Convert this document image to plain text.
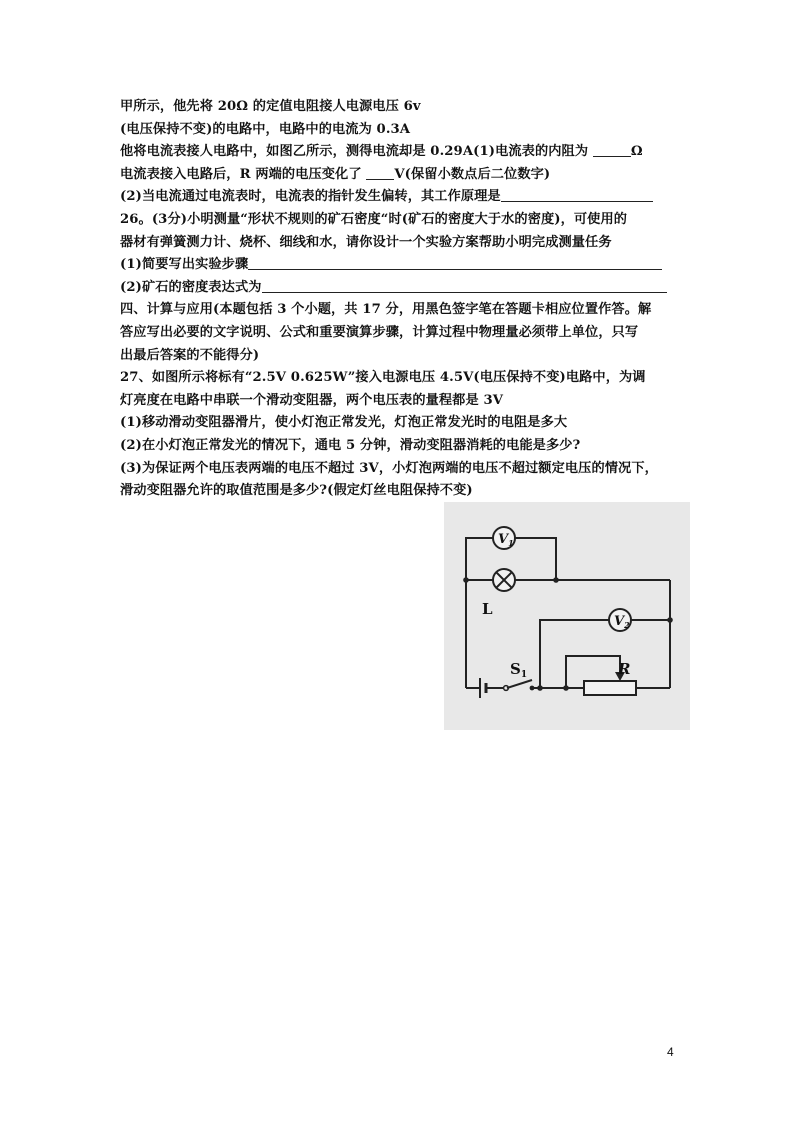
甲所示，他先将 20Ω 的定值电阻接人电源电压 6v
(电压保持不变)的电路中，电路中的电流为 0.3A
他将电流表接人电路中，如图乙所示，测得电流却是 0.29A(1)电流表的内阻为	Ω
电流表接入电路后，R 两端的电压变化了 V(保留小数点后二位数字)
(2)当电流通过电流表时，电流表的指针发生偏转，其工作原理是
26。(3分)小明测量“形状不规则的矿石密度“时(矿石的密度大于水的密度)，可使用的
器材有弹簧测力计、烧杯、细线和水，请你设计一个实验方案帮助小明完成测量任务
(1)简要写出实验步骤
(2)矿石的密度表达式为
四、计算与应用(本题包括 3 个小题，共 17 分，用黑色签字笔在答题卡相应位置作答。解
答应写出必要的文字说明、公式和重要演算步骤，计算过程中物理量必须带上单位，只写
出最后答案的不能得分)
27、如图所示将标有“2.5V 0.625W”接入电源电压 4.5V(电压保持不变)电路中，为调
灯亮度在电路中串联一个滑动变阻器，两个电压表的量程都是 3V
(1)移动滑动变阻器滑片，使小灯泡正常发光，灯泡正常发光时的电阻是多大
(2)在小灯泡正常发光的情况下，通电 5 分钟，滑动变阻器消耗的电能是多少?
(3)为保证两个电压表两端的电压不超过 3V，小灯泡两端的电压不超过额定电压的情况下，
滑动变阻器允许的取值范围是多少?(假定灯丝电阻保持不变)
$V_1$
$V_2$
L
$S_1$	R
4
